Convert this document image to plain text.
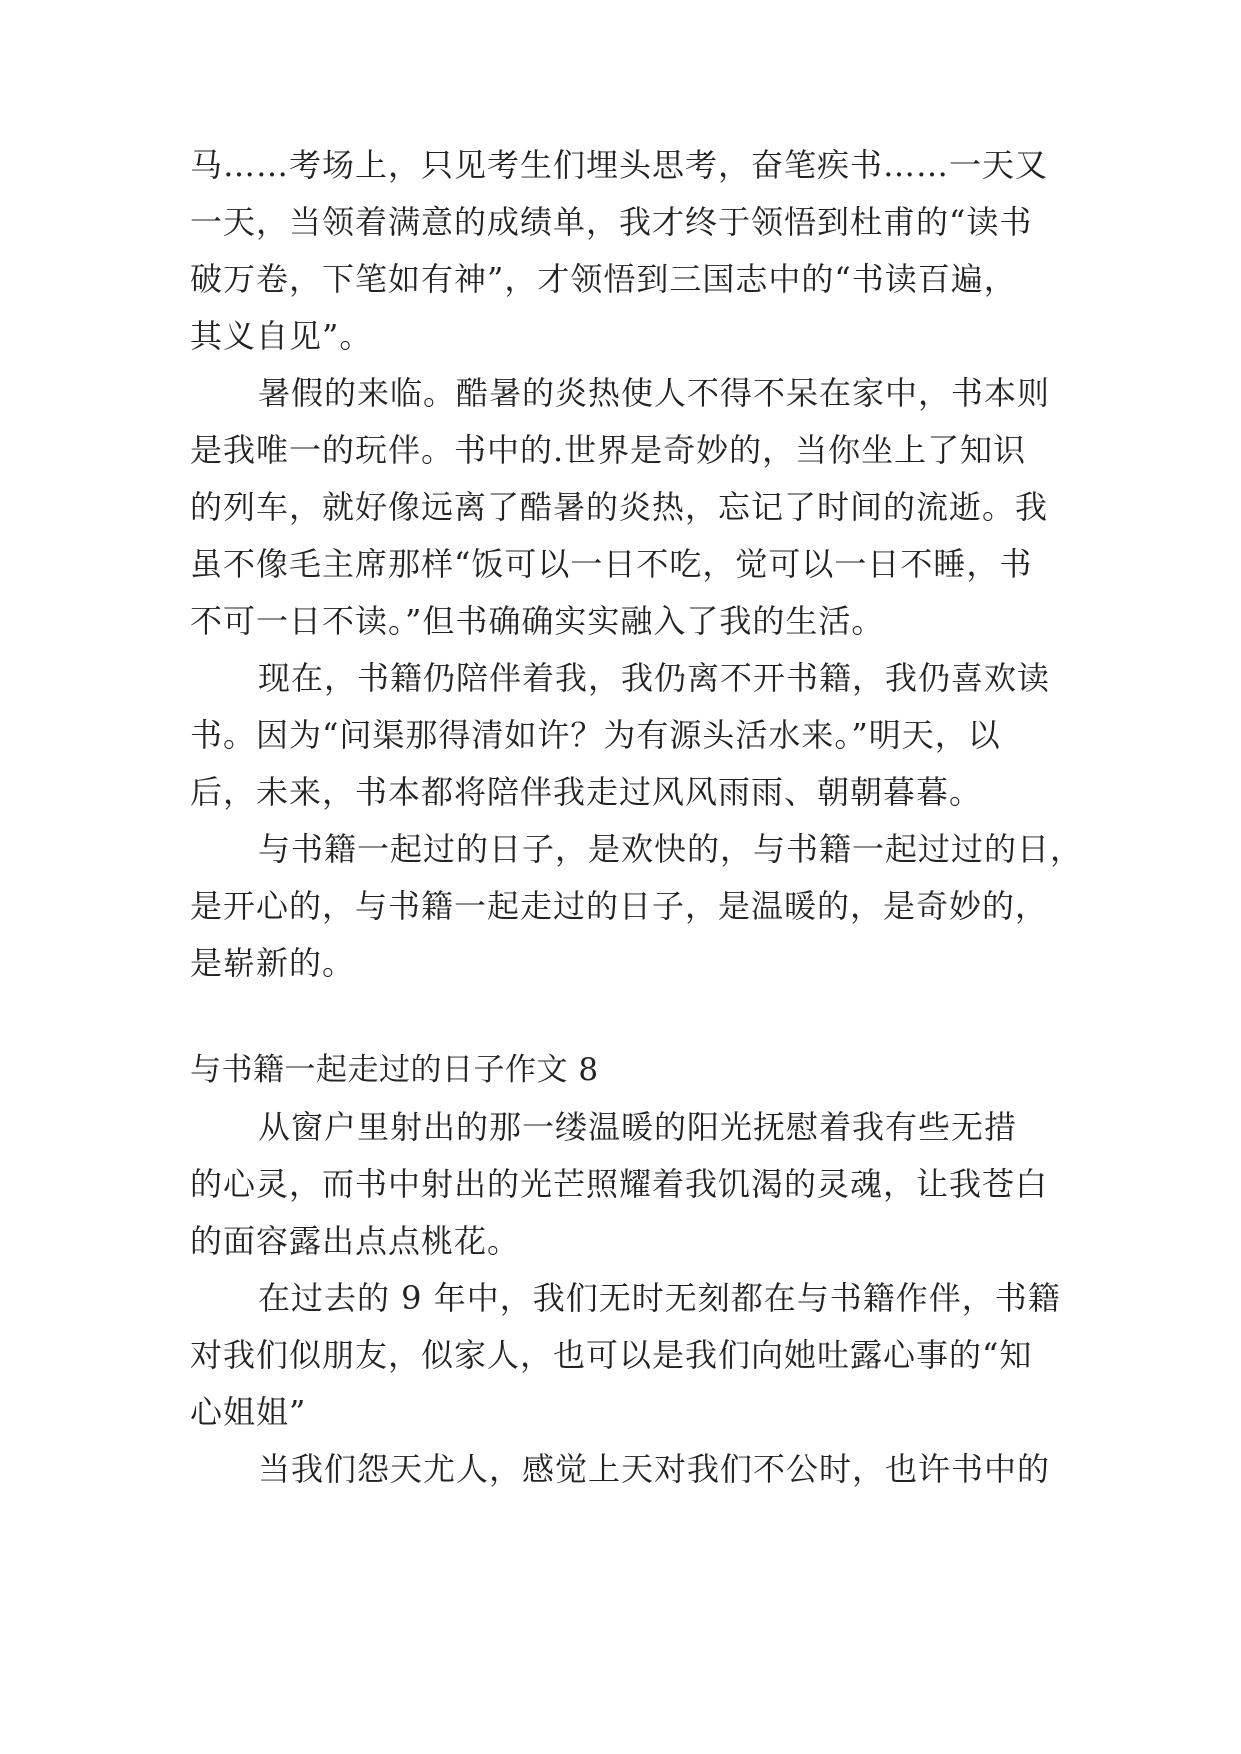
马……考场上，只见考生们埋头思考，奋笔疾书……一天又
一天，当领着满意的成绩单，我才终于领悟到杜甫的“读书
破万卷，下笔如有神”，才领悟到三国志中的“书读百遍，
其义自见”。
暑假的来临。酷暑的炎热使人不得不呆在家中，书本则
是我唯一的玩伴。书中的.世界是奇妙的，当你坐上了知识
的列车，就好像远离了酷暑的炎热，忘记了时间的流逝。我
虽不像毛主席那样“饭可以一日不吃，觉可以一日不睡，书
不可一日不读。”但书确确实实融入了我的生活。
现在，书籍仍陪伴着我，我仍离不开书籍，我仍喜欢读
书。因为“问渠那得清如许？为有源头活水来。”明天，以
后，未来，书本都将陪伴我走过风风雨雨、朝朝暮暮。
与书籍一起过的日子，是欢快的，与书籍一起过过的日，
是开心的，与书籍一起走过的日子，是温暖的，是奇妙的，
是崭新的。
与书籍一起走过的日子作文 8
从窗户里射出的那一缕温暖的阳光抚慰着我有些无措
的心灵，而书中射出的光芒照耀着我饥渴的灵魂，让我苍白
的面容露出点点桃花。
在过去的 9 年中，我们无时无刻都在与书籍作伴，书籍
对我们似朋友，似家人，也可以是我们向她吐露心事的“知
心姐姐”
当我们怨天尤人，感觉上天对我们不公时，也许书中的
